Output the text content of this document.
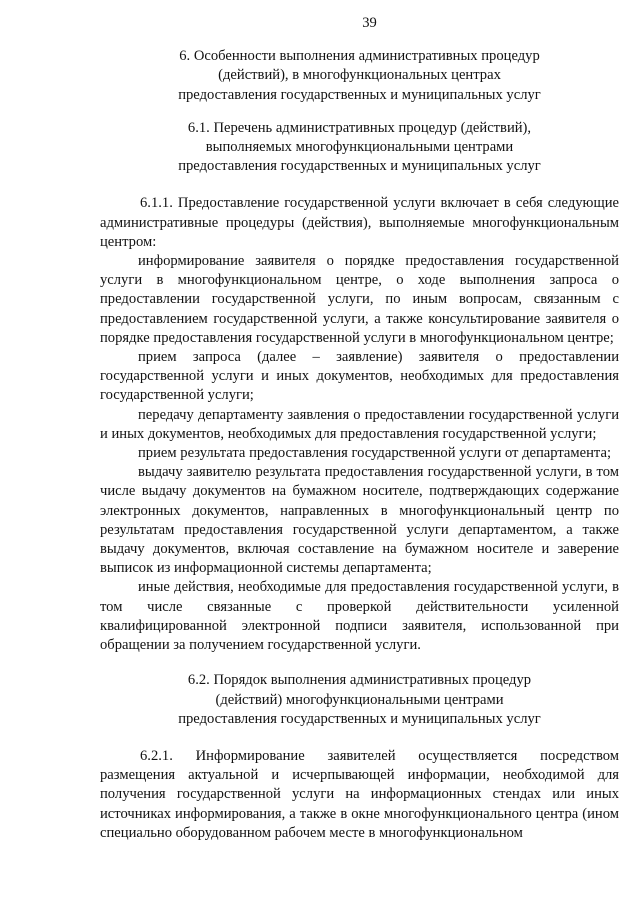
39
6. Особенности выполнения административных процедур
(действий), в многофункциональных центрах
предоставления государственных и муниципальных услуг
6.1. Перечень административных процедур (действий),
выполняемых многофункциональными центрами
предоставления государственных и муниципальных услуг

6.1.1. Предоставление государственной услуги включает в себя следующие административные процедуры (действия), выполняемые многофункциональным центром:

информирование заявителя о порядке предоставления государственной услуги в многофункциональном центре, о ходе выполнения запроса о предоставлении государственной услуги, по иным вопросам, связанным с предоставлением государственной услуги, а также консультирование заявителя о порядке предоставления государственной услуги в многофункциональном центре;

прием запроса (далее – заявление) заявителя о предоставлении государственной услуги и иных документов, необходимых для предоставления государственной услуги;

передачу департаменту заявления о предоставлении государственной услуги и иных документов, необходимых для предоставления государственной услуги;

прием результата предоставления государственной услуги от департамента;

выдачу заявителю результата предоставления государственной услуги, в том числе выдачу документов на бумажном носителе, подтверждающих содержание электронных документов, направленных в многофункциональный центр по результатам предоставления государственной услуги департаментом, а также выдачу документов, включая составление на бумажном носителе и заверение выписок из информационной системы департамента;

иные действия, необходимые для предоставления государственной услуги, в том числе связанные с проверкой действительности усиленной квалифицированной электронной подписи заявителя, использованной при обращении за получением государственной услуги.

6.2. Порядок выполнения административных процедур
(действий) многофункциональными центрами
предоставления государственных и муниципальных услуг

6.2.1. Информирование заявителей осуществляется посредством размещения актуальной и исчерпывающей информации, необходимой для получения государственной услуги на информационных стендах или иных источниках информирования, а также в окне многофункционального центра (ином специально оборудованном рабочем месте в многофункциональном
